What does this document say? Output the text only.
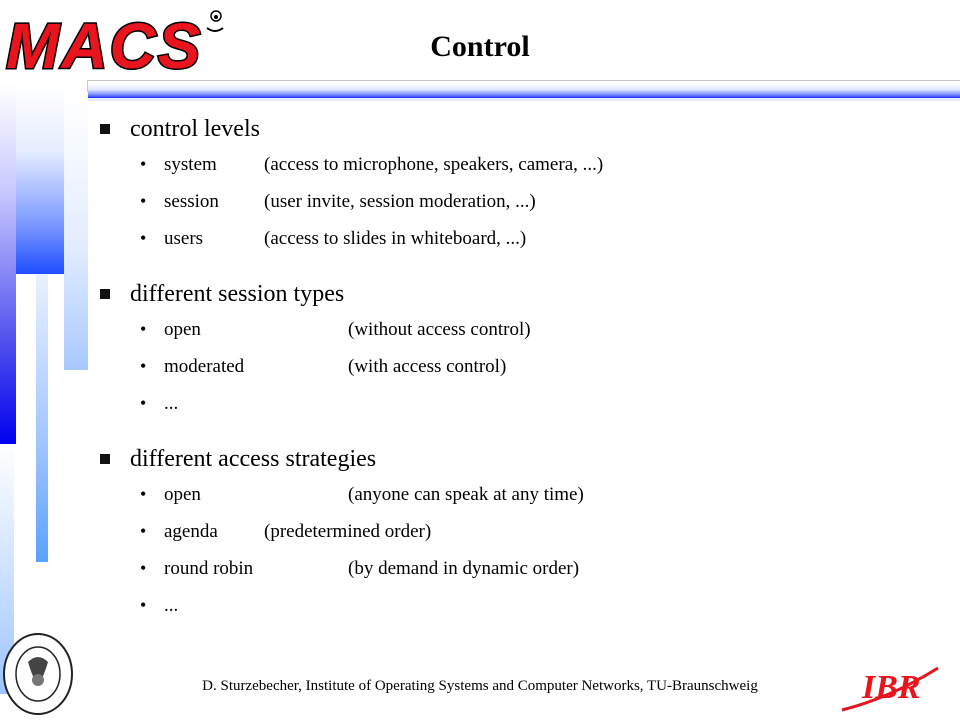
MACS	Control
control levels
• system	(access to microphone, speakers, camera, ...)
• session	(user invite, session moderation, ...)
• users	(access to slides in whiteboard, ...)
different session types
• open	(without access control)
• moderated	(with access control)
• ...
different access strategies
• open	(anyone can speak at any time)
• agenda	(predetermined order)
• round robin	(by demand in dynamic order)
• ...
D. Sturzebecher, Institute of Operating Systems and Computer Networks, TU-Braunschweig	IBR
